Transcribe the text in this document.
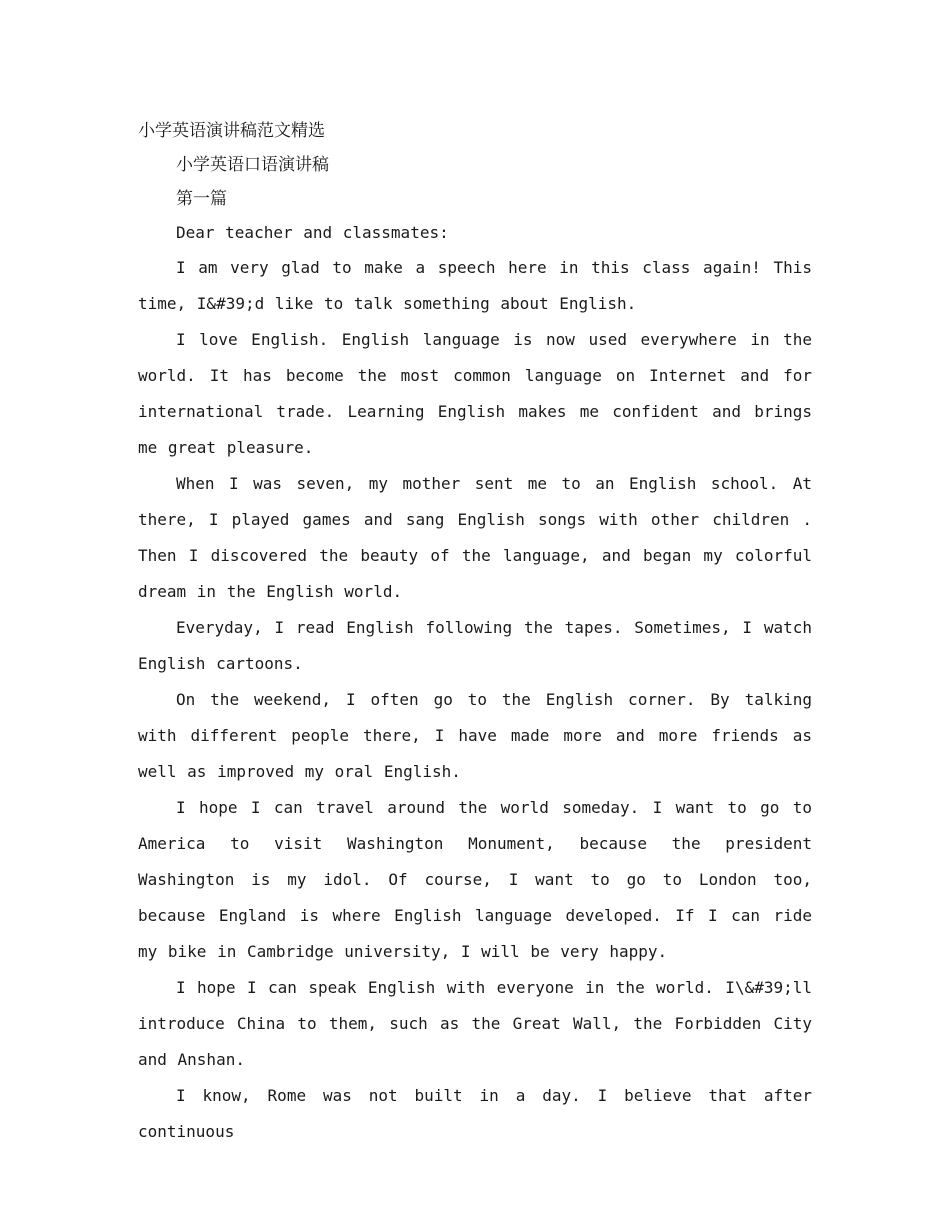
小学英语演讲稿范文精选

小学英语口语演讲稿

第一篇

Dear teacher and classmates:

I am very glad to make a speech here in this class again! This time, I&#39;d like to talk something about English.

I love English. English language is now used everywhere in the world. It has become the most common language on Internet and for international trade. Learning English makes me confident and brings me great pleasure.

When I was seven, my mother sent me to an English school. At there, I played games and sang English songs with other children . Then I discovered the beauty of the language, and began my colorful dream in the English world.

Everyday, I read English following the tapes. Sometimes, I watch English cartoons.

On the weekend, I often go to the English corner. By talking with different people there, I have made more and more friends as well as improved my oral English.

I hope I can travel around the world someday. I want to go to America to visit Washington Monument, because the president Washington is my idol. Of course, I want to go to London too, because England is where English language developed. If I can ride my bike in Cambridge university, I will be very happy.

I hope I can speak English with everyone in the world. I\&#39;ll introduce China to them, such as the Great Wall, the Forbidden City and Anshan.

I know, Rome was not built in a day. I believe that after continuous
